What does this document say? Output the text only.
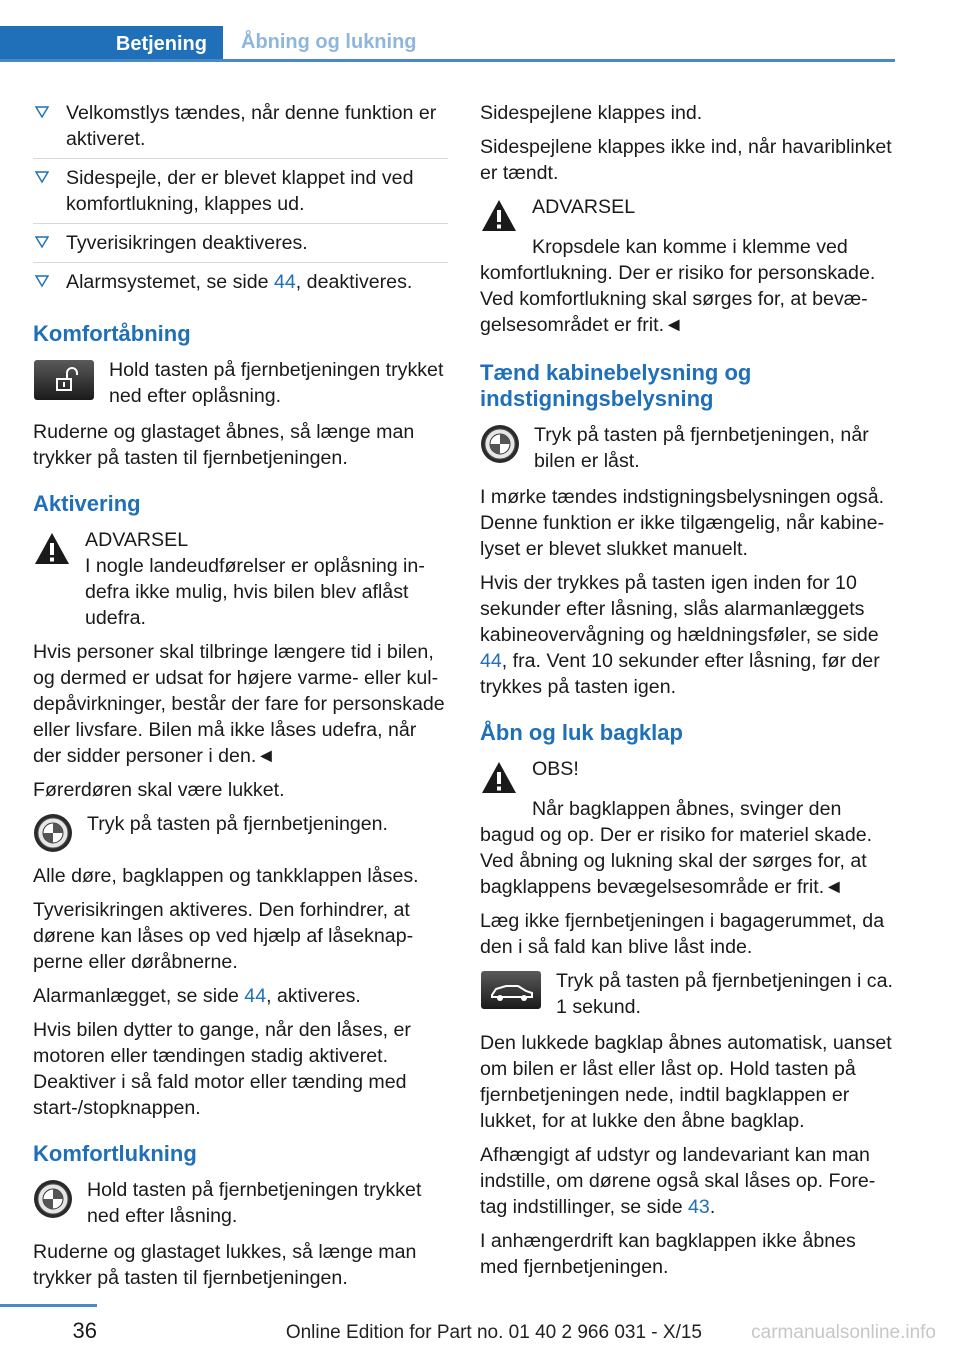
Betjening	Åbning og lukning
Velkomstlys tændes, når denne funktion er aktiveret.
Sidespejle, der er blevet klappet ind ved komfortlukning, klappes ud.
Tyverisikringen deaktiveres.
Alarmsystemet, se side 44, deaktiveres.
Komfortåbning
Hold tasten på fjernbetjeningen trykket ned efter oplåsning.

Ruderne og glastaget åbnes, så længe man trykker på tasten til fjernbetjeningen.

Aktivering
ADVARSEL
I nogle landeudførelser er oplåsning indefra ikke mulig, hvis bilen blev aflåst udefra.

Hvis personer skal tilbringe længere tid i bilen, og dermed er udsat for højere varme- eller kuldepåvirkninger, består der fare for personskade eller livsfare. Bilen må ikke låses udefra, når der sidder personer i den.◄

Førerdøren skal være lukket.

Tryk på tasten på fjernbetjeningen.

Alle døre, bagklappen og tankklappen låses.

Tyverisikringen aktiveres. Den forhindrer, at dørene kan låses op ved hjælp af låseknapperne eller døråbnerne.

Alarmanlægget, se side 44, aktiveres.

Hvis bilen dytter to gange, når den låses, er motoren eller tændingen stadig aktiveret. Deaktiver i så fald motor eller tænding med start-/stopknappen.

Komfortlukning
Hold tasten på fjernbetjeningen trykket ned efter låsning.

Ruderne og glastaget lukkes, så længe man trykker på tasten til fjernbetjeningen.

Sidespejlene klappes ind.

Sidespejlene klappes ikke ind, når havariblinket er tændt.

ADVARSEL
Kropsdele kan komme i klemme ved komfortlukning. Der er risiko for personskade. Ved komfortlukning skal sørges for, at bevægelsesområdet er frit.◄
Tænd kabinebelysning og indstigningsbelysning
Tryk på tasten på fjernbetjeningen, når bilen er låst.

I mørke tændes indstigningsbelysningen også. Denne funktion er ikke tilgængelig, når kabinelyset er blevet slukket manuelt.

Hvis der trykkes på tasten igen inden for 10 sekunder efter låsning, slås alarmanlæggets kabineovervågning og hældningsføler, se side 44, fra. Vent 10 sekunder efter låsning, før der trykkes på tasten igen.

Åbn og luk bagklap
OBS!
Når bagklappen åbnes, svinger den bagud og op. Der er risiko for materiel skade. Ved åbning og lukning skal der sørges for, at bagklappens bevægelsesområde er frit.◄

Læg ikke fjernbetjeningen i bagagerummet, da den i så fald kan blive låst inde.

Tryk på tasten på fjernbetjeningen i ca. 1 sekund.

Den lukkede bagklap åbnes automatisk, uanset om bilen er låst eller låst op. Hold tasten på fjernbetjeningen nede, indtil bagklappen er lukket, for at lukke den åbne bagklap.

Afhængigt af udstyr og landevariant kan man indstille, om dørene også skal låses op. Foretag indstillinger, se side 43.

I anhængerdrift kan bagklappen ikke åbnes med fjernbetjeningen.

36	Online Edition for Part no. 01 40 2 966 031 - X/15	carmanualsonline.info
